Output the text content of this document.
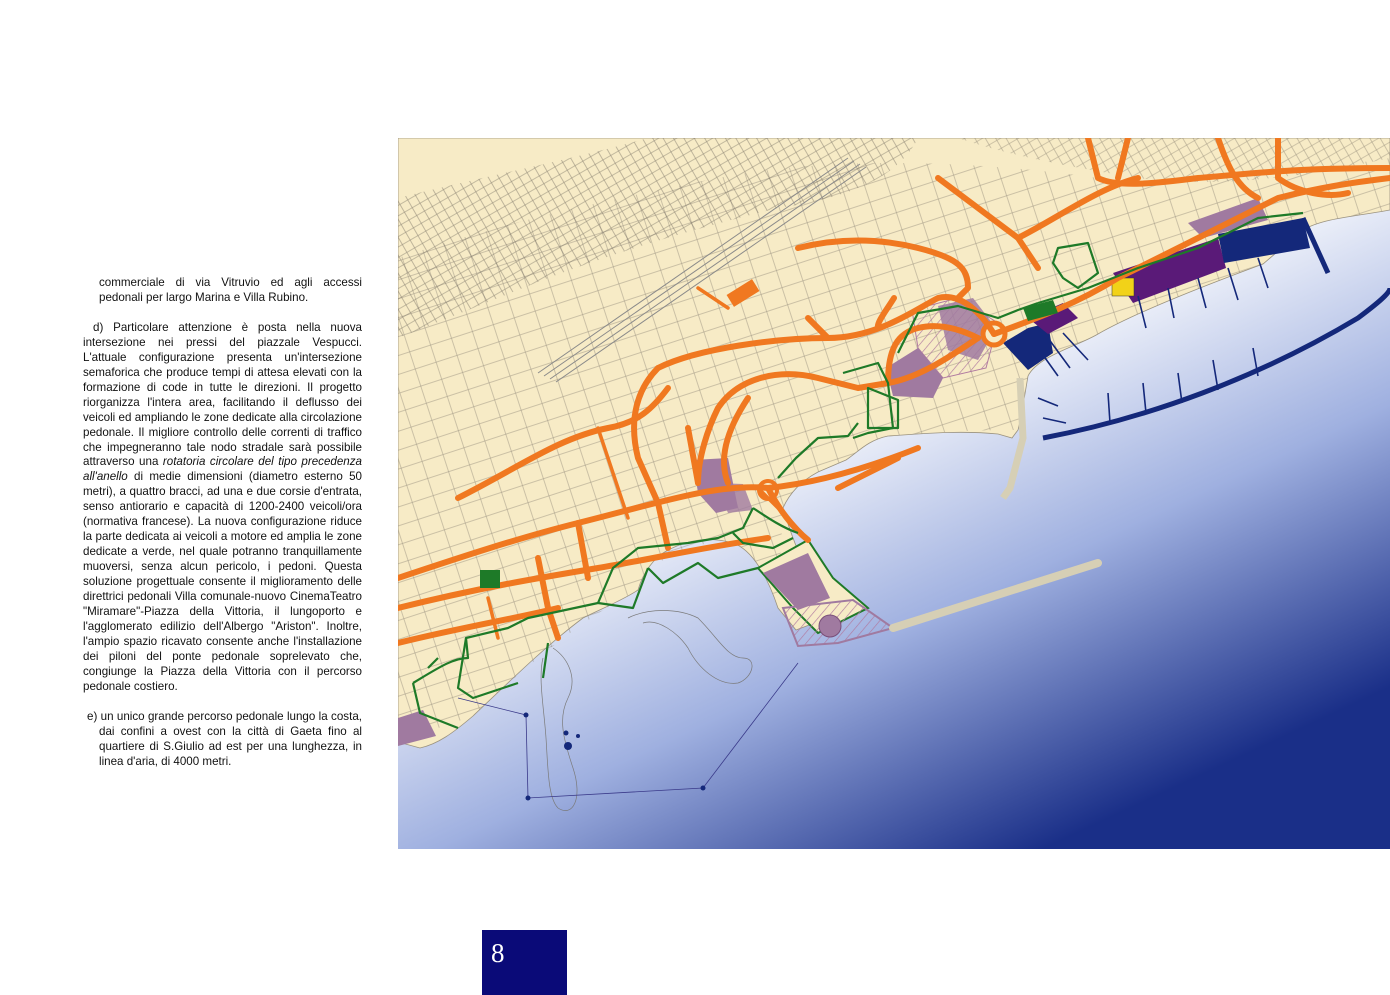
commerciale di via Vitruvio ed agli accessi pedonali per largo Marina e Villa Rubino.

d) Particolare attenzione è posta nella nuova intersezione nei pressi del piazzale Vespucci. L'attuale configurazione presenta un'intersezione semaforica che produce tempi di attesa elevati con la formazione di code in tutte le direzioni. Il progetto riorganizza l'intera area, facilitando il deflusso dei veicoli ed ampliando le zone dedicate alla circolazione pedonale. Il migliore controllo delle correnti di traffico che impegneranno tale nodo stradale sarà possibile attraverso una rotatoria circolare del tipo precedenza all'anello di medie dimensioni (diametro esterno 50 metri), a quattro bracci, ad una e due corsie d'entrata, senso antiorario e capacità di 1200-2400 veicoli/ora (normativa francese). La nuova configurazione riduce la parte dedicata ai veicoli a motore ed amplia le zone dedicate a verde, nel quale potranno tranquillamente muoversi, senza alcun pericolo, i pedoni. Questa soluzione progettuale consente il miglioramento delle direttrici pedonali Villa comunale-nuovo CinemaTeatro "Miramare"-Piazza della Vittoria, il lungoporto e l'agglomerato edilizio dell'Albergo "Ariston". Inoltre, l'ampio spazio ricavato consente anche l'installazione dei piloni del ponte pedonale soprelevato che, congiunge la Piazza della Vittoria con il percorso pedonale costiero.

e) un unico grande percorso pedonale lungo la costa, dai confini a ovest con la città di Gaeta fino al quartiere di S.Giulio ad est per una lunghezza, in linea d'aria, di 4000 metri.

8
